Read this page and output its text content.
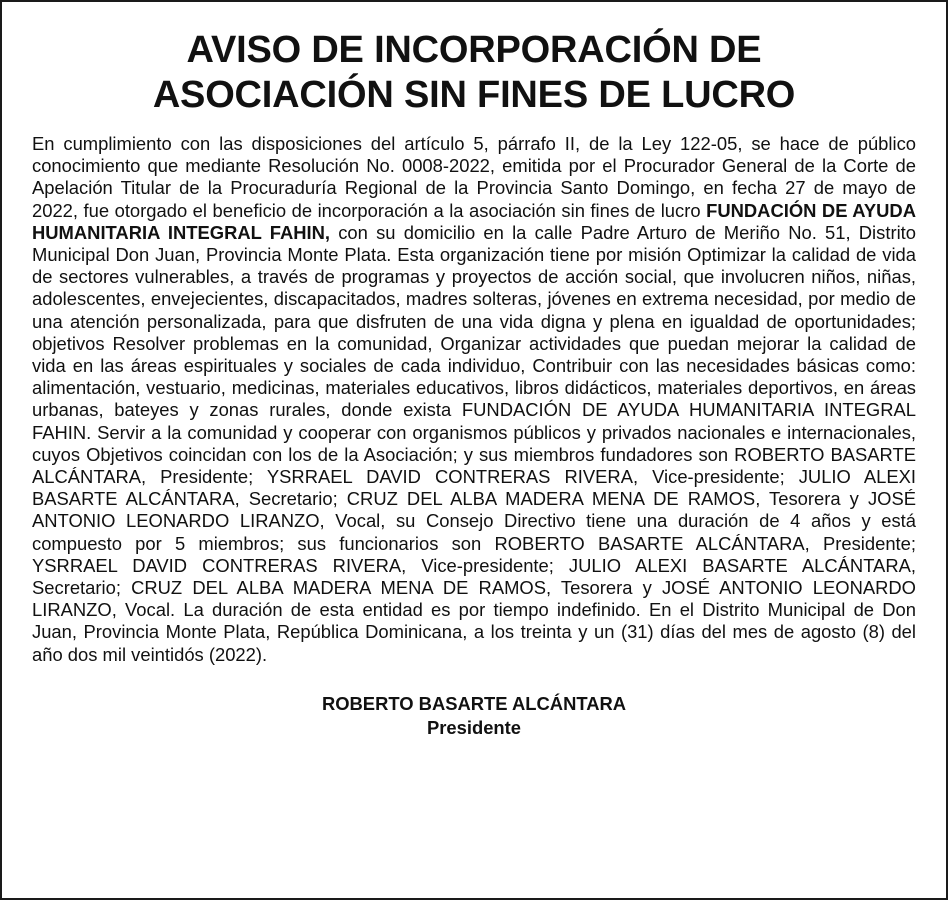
AVISO DE INCORPORACIÓN DE
ASOCIACIÓN SIN FINES DE LUCRO

En cumplimiento con las disposiciones del artículo 5, párrafo II, de la Ley 122-05, se hace de público conocimiento que mediante Resolución No. 0008-2022, emitida por el Procurador General de la Corte de Apelación Titular de la Procuraduría Regional de la Provincia Santo Domingo, en fecha 27 de mayo de 2022, fue otorgado el beneficio de incorporación a la asociación sin fines de lucro FUNDACIÓN DE AYUDA HUMANITARIA INTEGRAL FAHIN, con su domicilio en la calle Padre Arturo de Meriño No. 51, Distrito Municipal Don Juan, Provincia Monte Plata. Esta organización tiene por misión Optimizar la calidad de vida de sectores vulnerables, a través de programas y proyectos de acción social, que involucren niños, niñas, adolescentes, envejecientes, discapacitados, madres solteras, jóvenes en extrema necesidad, por medio de una atención personalizada, para que disfruten de una vida digna y plena en igualdad de oportunidades; objetivos Resolver problemas en la comunidad, Organizar actividades que puedan mejorar la calidad de vida en las áreas espirituales y sociales de cada individuo, Contribuir con las necesidades básicas como: alimentación, vestuario, medicinas, materiales educativos, libros didácticos, materiales deportivos, en áreas urbanas, bateyes y zonas rurales, donde exista FUNDACIÓN DE AYUDA HUMANITARIA INTEGRAL FAHIN. Servir a la comunidad y cooperar con organismos públicos y privados nacionales e internacionales, cuyos Objetivos coincidan con los de la Asociación; y sus miembros fundadores son ROBERTO BASARTE ALCÁNTARA, Presidente; YSRRAEL DAVID CONTRERAS RIVERA, Vice-presidente; JULIO ALEXI BASARTE ALCÁNTARA, Secretario; CRUZ DEL ALBA MADERA MENA DE RAMOS, Tesorera y JOSÉ ANTONIO LEONARDO LIRANZO, Vocal, su Consejo Directivo tiene una duración de 4 años y está compuesto por 5 miembros; sus funcionarios son ROBERTO BASARTE ALCÁNTARA, Presidente; YSRRAEL DAVID CONTRERAS RIVERA, Vice-presidente; JULIO ALEXI BASARTE ALCÁNTARA, Secretario; CRUZ DEL ALBA MADERA MENA DE RAMOS, Tesorera y JOSÉ ANTONIO LEONARDO LIRANZO, Vocal. La duración de esta entidad es por tiempo indefinido. En el Distrito Municipal de Don Juan, Provincia Monte Plata, República Dominicana, a los treinta y un (31) días del mes de agosto (8) del año dos mil veintidós (2022).

ROBERTO BASARTE ALCÁNTARA
Presidente
